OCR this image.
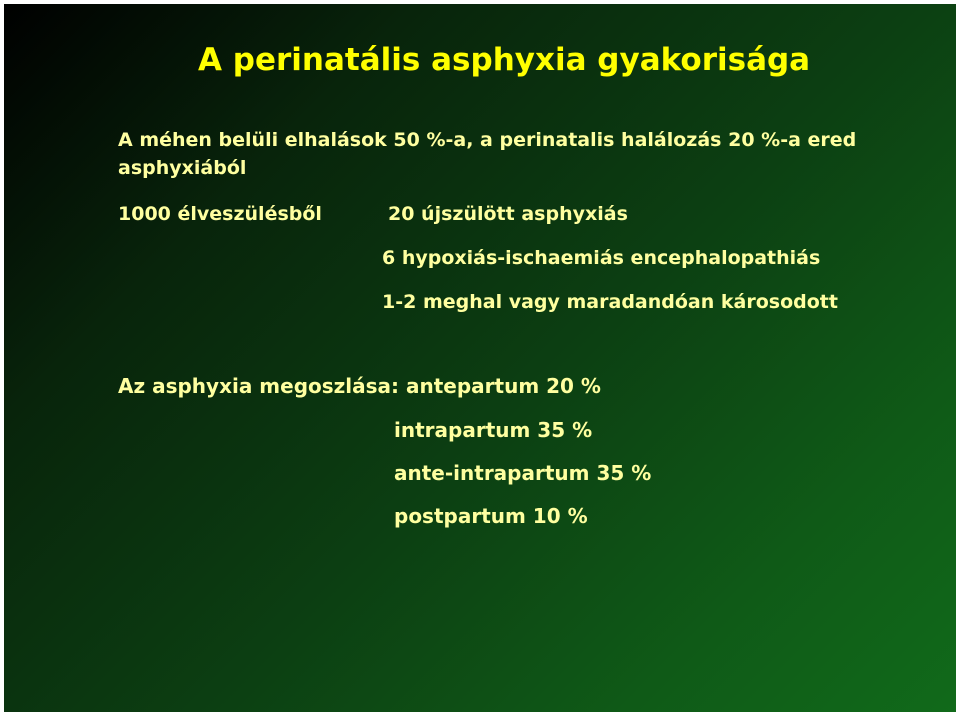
A perinatális asphyxia gyakorisága

A méhen belüli elhalások 50 %-a, a perinatalis halálozás 20 %-a ered asphyxiából

1000 élveszülésből	20 újszülött asphyxiás

6 hypoxiás-ischaemiás encephalopathiás

1-2 meghal vagy maradandóan károsodott

Az asphyxia megoszlása: antepartum 20 %

intrapartum 35 %

ante-intrapartum 35 %

postpartum 10 %
